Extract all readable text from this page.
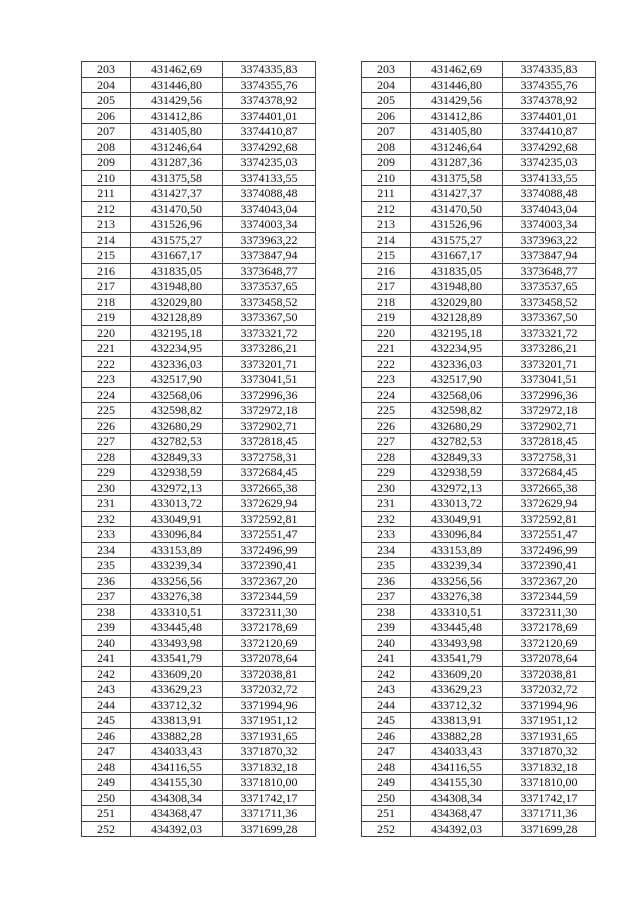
203	431462,69	3374335,83		203	431462,69	3374335,83
204	431446,80	3374355,76		204	431446,80	3374355,76
205	431429,56	3374378,92		205	431429,56	3374378,92
206	431412,86	3374401,01		206	431412,86	3374401,01
207	431405,80	3374410,87		207	431405,80	3374410,87
208	431246,64	3374292,68		208	431246,64	3374292,68
209	431287,36	3374235,03		209	431287,36	3374235,03
210	431375,58	3374133,55		210	431375,58	3374133,55
211	431427,37	3374088,48		211	431427,37	3374088,48
212	431470,50	3374043,04		212	431470,50	3374043,04
213	431526,96	3374003,34		213	431526,96	3374003,34
214	431575,27	3373963,22		214	431575,27	3373963,22
215	431667,17	3373847,94		215	431667,17	3373847,94
216	431835,05	3373648,77		216	431835,05	3373648,77
217	431948,80	3373537,65		217	431948,80	3373537,65
218	432029,80	3373458,52		218	432029,80	3373458,52
219	432128,89	3373367,50		219	432128,89	3373367,50
220	432195,18	3373321,72		220	432195,18	3373321,72
221	432234,95	3373286,21		221	432234,95	3373286,21
222	432336,03	3373201,71		222	432336,03	3373201,71
223	432517,90	3373041,51		223	432517,90	3373041,51
224	432568,06	3372996,36		224	432568,06	3372996,36
225	432598,82	3372972,18		225	432598,82	3372972,18
226	432680,29	3372902,71		226	432680,29	3372902,71
227	432782,53	3372818,45		227	432782,53	3372818,45
228	432849,33	3372758,31		228	432849,33	3372758,31
229	432938,59	3372684,45		229	432938,59	3372684,45
230	432972,13	3372665,38		230	432972,13	3372665,38
231	433013,72	3372629,94		231	433013,72	3372629,94
232	433049,91	3372592,81		232	433049,91	3372592,81
233	433096,84	3372551,47		233	433096,84	3372551,47
234	433153,89	3372496,99		234	433153,89	3372496,99
235	433239,34	3372390,41		235	433239,34	3372390,41
236	433256,56	3372367,20		236	433256,56	3372367,20
237	433276,38	3372344,59		237	433276,38	3372344,59
238	433310,51	3372311,30		238	433310,51	3372311,30
239	433445,48	3372178,69		239	433445,48	3372178,69
240	433493,98	3372120,69		240	433493,98	3372120,69
241	433541,79	3372078,64		241	433541,79	3372078,64
242	433609,20	3372038,81		242	433609,20	3372038,81
243	433629,23	3372032,72		243	433629,23	3372032,72
244	433712,32	3371994,96		244	433712,32	3371994,96
245	433813,91	3371951,12		245	433813,91	3371951,12
246	433882,28	3371931,65		246	433882,28	3371931,65
247	434033,43	3371870,32		247	434033,43	3371870,32
248	434116,55	3371832,18		248	434116,55	3371832,18
249	434155,30	3371810,00		249	434155,30	3371810,00
250	434308,34	3371742,17		250	434308,34	3371742,17
251	434368,47	3371711,36		251	434368,47	3371711,36
252	434392,03	3371699,28		252	434392,03	3371699,28
